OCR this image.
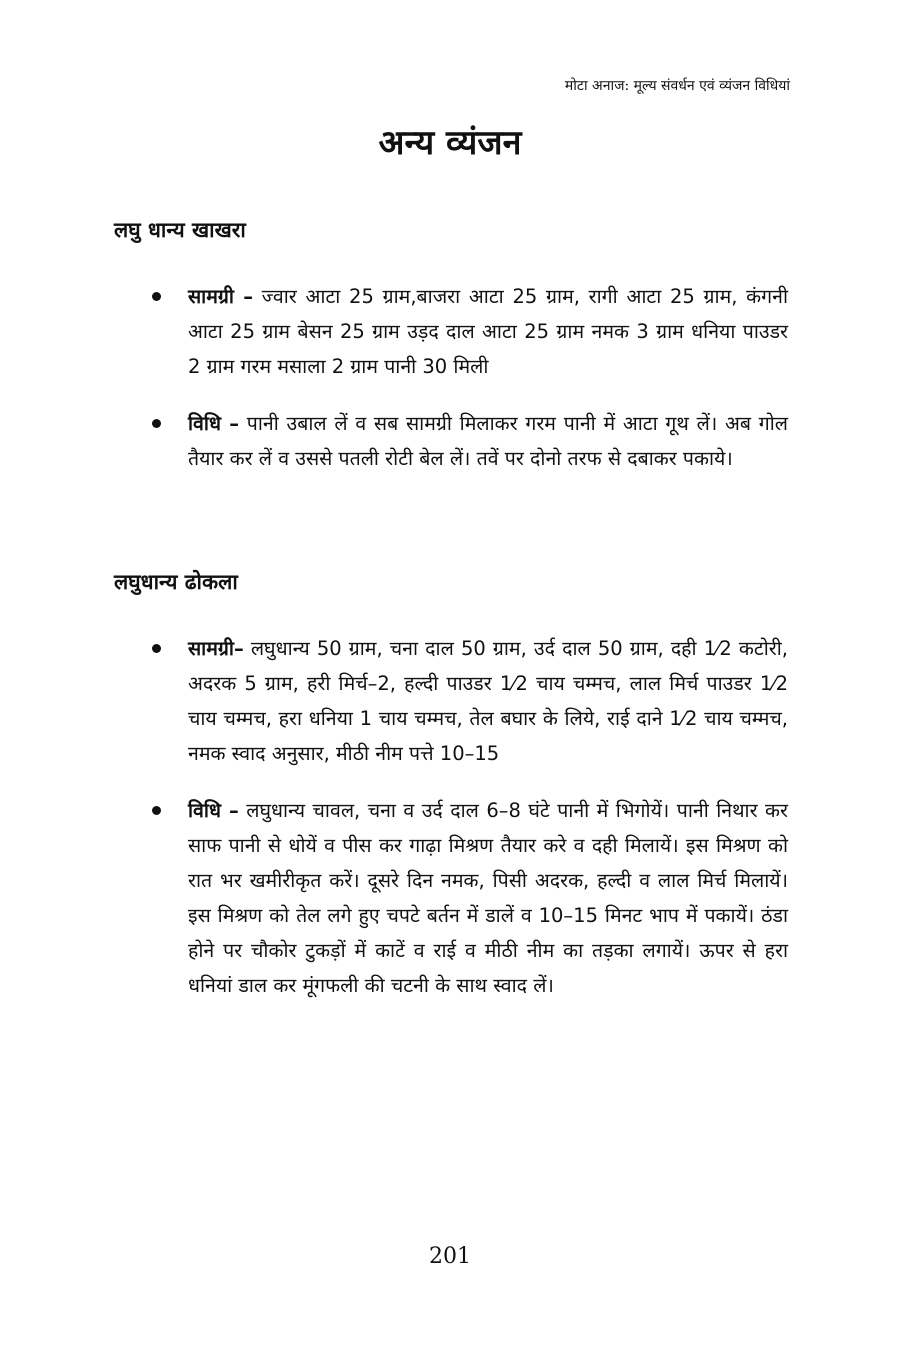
मोटा अनाज: मूल्य संवर्धन एवं व्यंजन विधियां
अन्य व्यंजन
लघु धान्य खाखरा
सामग्री – ज्वार आटा 25 ग्राम,बाजरा आटा 25 ग्राम, रागी आटा 25 ग्राम, कंगनी आटा 25 ग्राम बेसन 25 ग्राम उड़द दाल आटा 25 ग्राम नमक 3 ग्राम धनिया पाउडर 2 ग्राम गरम मसाला 2 ग्राम पानी 30 मिली
विधि – पानी उबाल लें व सब सामग्री मिलाकर गरम पानी में आटा गूथ लें। अब गोल तैयार कर लें व उससे पतली रोटी बेल लें। तवें पर दोनो तरफ से दबाकर पकाये।
लघुधान्य ढोकला
सामग्री– लघुधान्य 50 ग्राम, चना दाल 50 ग्राम, उर्द दाल 50 ग्राम, दही 1⁄2 कटोरी, अदरक 5 ग्राम, हरी मिर्च–2, हल्दी पाउडर 1⁄2 चाय चम्मच, लाल मिर्च पाउडर 1⁄2 चाय चम्मच, हरा धनिया 1 चाय चम्मच, तेल बघार के लिये, राई दाने 1⁄2 चाय चम्मच, नमक स्वाद अनुसार, मीठी नीम पत्ते 10–15
विधि – लघुधान्य चावल, चना व उर्द दाल 6–8 घंटे पानी में भिगोयें। पानी निथार कर साफ पानी से धोयें व पीस कर गाढ़ा मिश्रण तैयार करे व दही मिलायें। इस मिश्रण को रात भर खमीरीकृत करें। दूसरे दिन नमक, पिसी अदरक, हल्दी व लाल मिर्च मिलायें। इस मिश्रण को तेल लगे हुए चपटे बर्तन में डालें व 10–15 मिनट भाप में पकायें। ठंडा होने पर चौकोर टुकड़ों में काटें व राई व मीठी नीम का तड़का लगायें। ऊपर से हरा धनियां डाल कर मूंगफली की चटनी के साथ स्वाद लें।
201
